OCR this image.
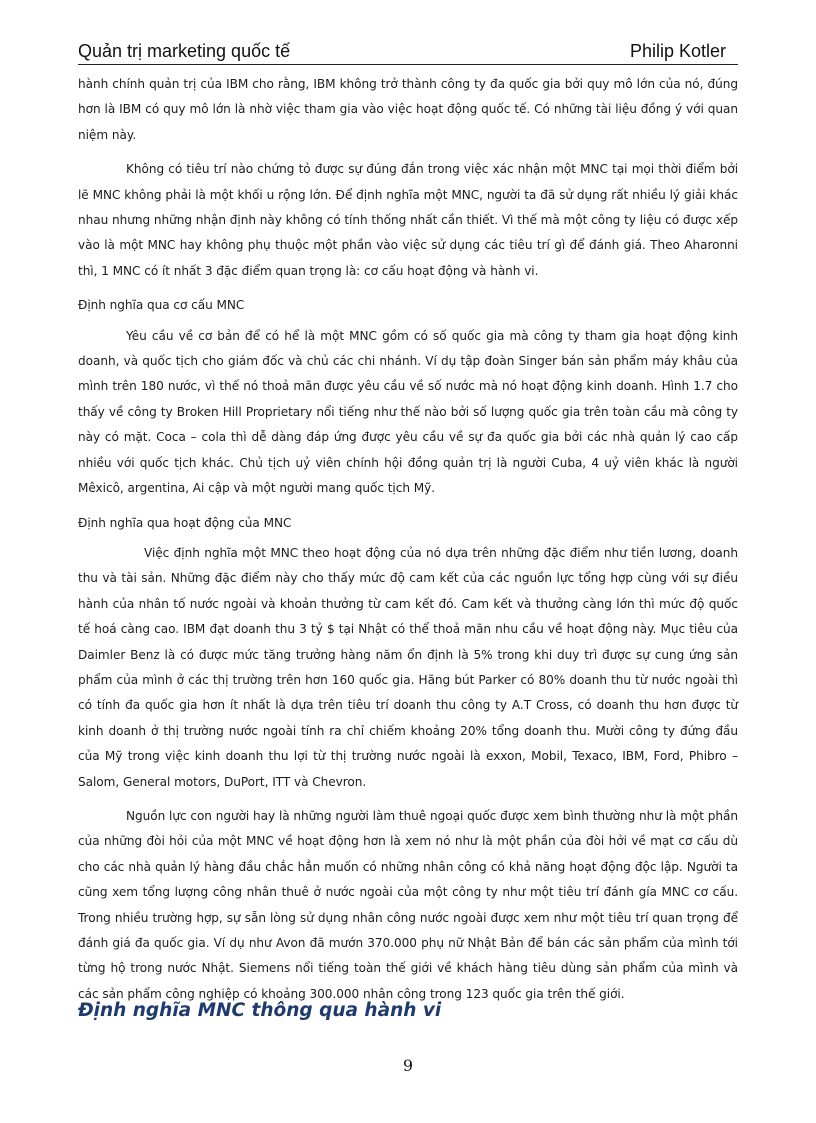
Quản trị marketing quốc tế	Philip Kotler

hành chính quản trị của IBM cho rằng, IBM không trở thành công ty đa quốc gia bởi quy mô lớn của nó, đúng hơn là IBM có quy mô lớn là nhờ việc tham gia vào việc hoạt động quốc tế. Có những tài liệu đồng ý với quan niệm này.

Không có tiêu trí nào chứng tỏ được sự đúng đắn trong việc xác nhận một MNC tại mọi thời điểm bởi lẽ MNC không phải là một khối u rộng lớn. Để định nghĩa một MNC, người ta đã sử dụng rất nhiều lý giải khác nhau nhưng những nhận định này không có tính thống nhất cần thiết. Vì thế mà một công ty liệu có được xếp vào là một MNC hay không phụ thuộc một phần vào việc sử dụng các tiêu trí gì để đánh giá. Theo Aharonni thì, 1 MNC có ít nhất 3 đặc điểm quan trọng là: cơ cấu hoạt động và hành vi.

Định nghĩa qua cơ cấu MNC

Yêu cầu về cơ bản để có hể là một MNC gồm có số quốc gia mà công ty tham gia hoạt động kinh doanh, và quốc tịch cho giám đốc và chủ các chi nhánh. Ví dụ tập đoàn Singer bán sản phẩm máy khâu của mình trên 180 nước, vì thế nó thoả mãn được yêu cầu về số nước mà nó hoạt động kinh doanh. Hình 1.7 cho thấy về công ty Broken Hill Proprietary nổi tiếng như thế nào bởi số lượng quốc gia trên toàn cầu mà công ty này có mặt. Coca – cola thì dễ dàng đáp ứng được yêu cầu về sự đa quốc gia bởi các nhà quản lý cao cấp nhiều với quốc tịch khác. Chủ tịch uỷ viên chính hội đồng quản trị là người Cuba, 4 uỷ viên khác là người Mêxicô, argentina, Ai cập và một người mang quốc tịch Mỹ.

Định nghĩa qua hoạt động của MNC

Việc định nghĩa một MNC theo hoạt động của nó dựa trên những đặc điểm như tiền lương, doanh thu và tài sản. Những đặc điểm này cho thấy mức độ cam kết của các nguồn lực tổng hợp cùng với sự điều hành của nhân tố nước ngoài và khoản thưởng từ cam kết đó. Cam kết và thưởng càng lớn thì mức độ quốc tế hoá càng cao. IBM đạt doanh thu 3 tỷ $ tại Nhật có thể thoả mãn nhu cầu về hoạt động này. Mục tiêu của Daimler Benz là có được mức tăng trưởng hàng năm ổn định là 5% trong khi duy trì được sự cung ứng sản phẩm của mình ở các thị trường trên hơn 160 quốc gia. Hãng bút Parker có 80% doanh thu từ nước ngoài thì có tính đa quốc gia hơn ít nhất là dựa trên tiêu trí doanh thu công ty A.T Cross, có doanh thu hơn được từ kinh doanh ở thị trường nước ngoài tính ra chỉ chiếm khoảng 20% tổng doanh thu. Mười công ty đứng đầu của Mỹ trong việc kinh doanh thu lợi từ thị trường nước ngoài là exxon, Mobil, Texaco, IBM, Ford, Phibro – Salom, General motors, DuPort, ITT và Chevron.

Nguồn lực con người hay là những người làm thuê ngoại quốc được xem bình thường như là một phần của những đòi hỏi của một MNC về hoạt động hơn là xem nó như là một phần của đòi hởi về mạt cơ cấu dù cho các nhà quản lý hàng đầu chắc hẳn muốn có những nhân công có khả năng hoạt động độc lập. Người ta cũng xem tổng lượng công nhân thuê ở nước ngoài của một công ty như một tiêu trí đánh gía MNC cơ cấu. Trong nhiều trường hợp, sự sẵn lòng sử dụng nhân công nước ngoài được xem như một tiêu trí quan trọng để đánh giá đa quốc gia. Ví dụ như Avon đã mướn 370.000 phụ nữ Nhật Bản để bán các sản phẩm của mình tới từng hộ trong nước Nhật. Siemens nổi tiếng toàn thế giới về khách hàng tiêu dùng sản phẩm của mình và các sản phẩm công nghiệp có khoảng 300.000 nhân công trong 123 quốc gia trên thế giới.

Định nghĩa MNC thông qua hành vi
9
